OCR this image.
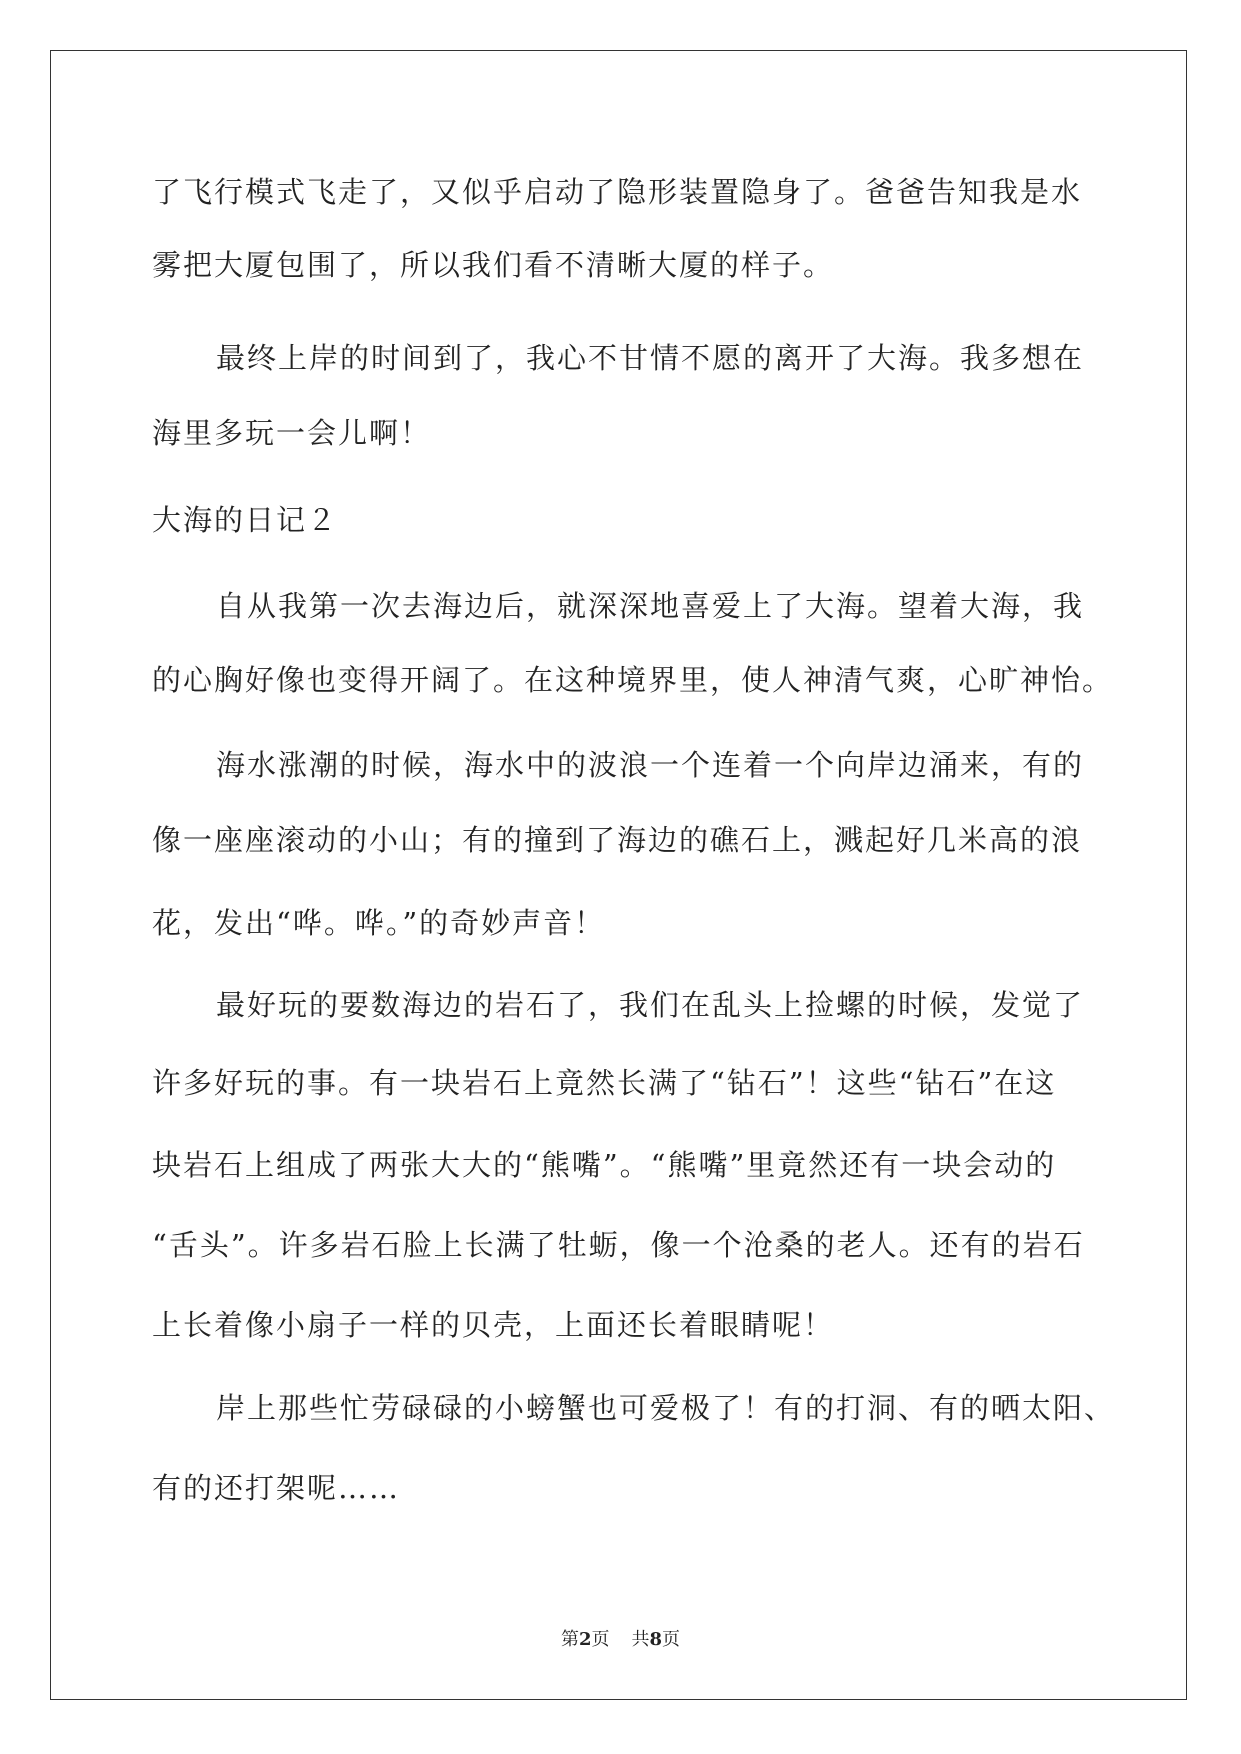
了飞行模式飞走了，又似乎启动了隐形装置隐身了。爸爸告知我是水
雾把大厦包围了，所以我们看不清晰大厦的样子。
最终上岸的时间到了，我心不甘情不愿的离开了大海。我多想在
海里多玩一会儿啊！
大海的日记２
自从我第一次去海边后，就深深地喜爱上了大海。望着大海，我
的心胸好像也变得开阔了。在这种境界里，使人神清气爽，心旷神怡。
海水涨潮的时候，海水中的波浪一个连着一个向岸边涌来，有的
像一座座滚动的小山；有的撞到了海边的礁石上，溅起好几米高的浪
花，发出“哗。哗。”的奇妙声音！
最好玩的要数海边的岩石了，我们在乱头上捡螺的时候，发觉了
许多好玩的事。有一块岩石上竟然长满了“钻石”！这些“钻石”在这
块岩石上组成了两张大大的“熊嘴”。“熊嘴”里竟然还有一块会动的
“舌头”。许多岩石脸上长满了牡蛎，像一个沧桑的老人。还有的岩石
上长着像小扇子一样的贝壳，上面还长着眼睛呢！
岸上那些忙劳碌碌的小螃蟹也可爱极了！有的打洞、有的晒太阳、
有的还打架呢……
第2页 共8页
